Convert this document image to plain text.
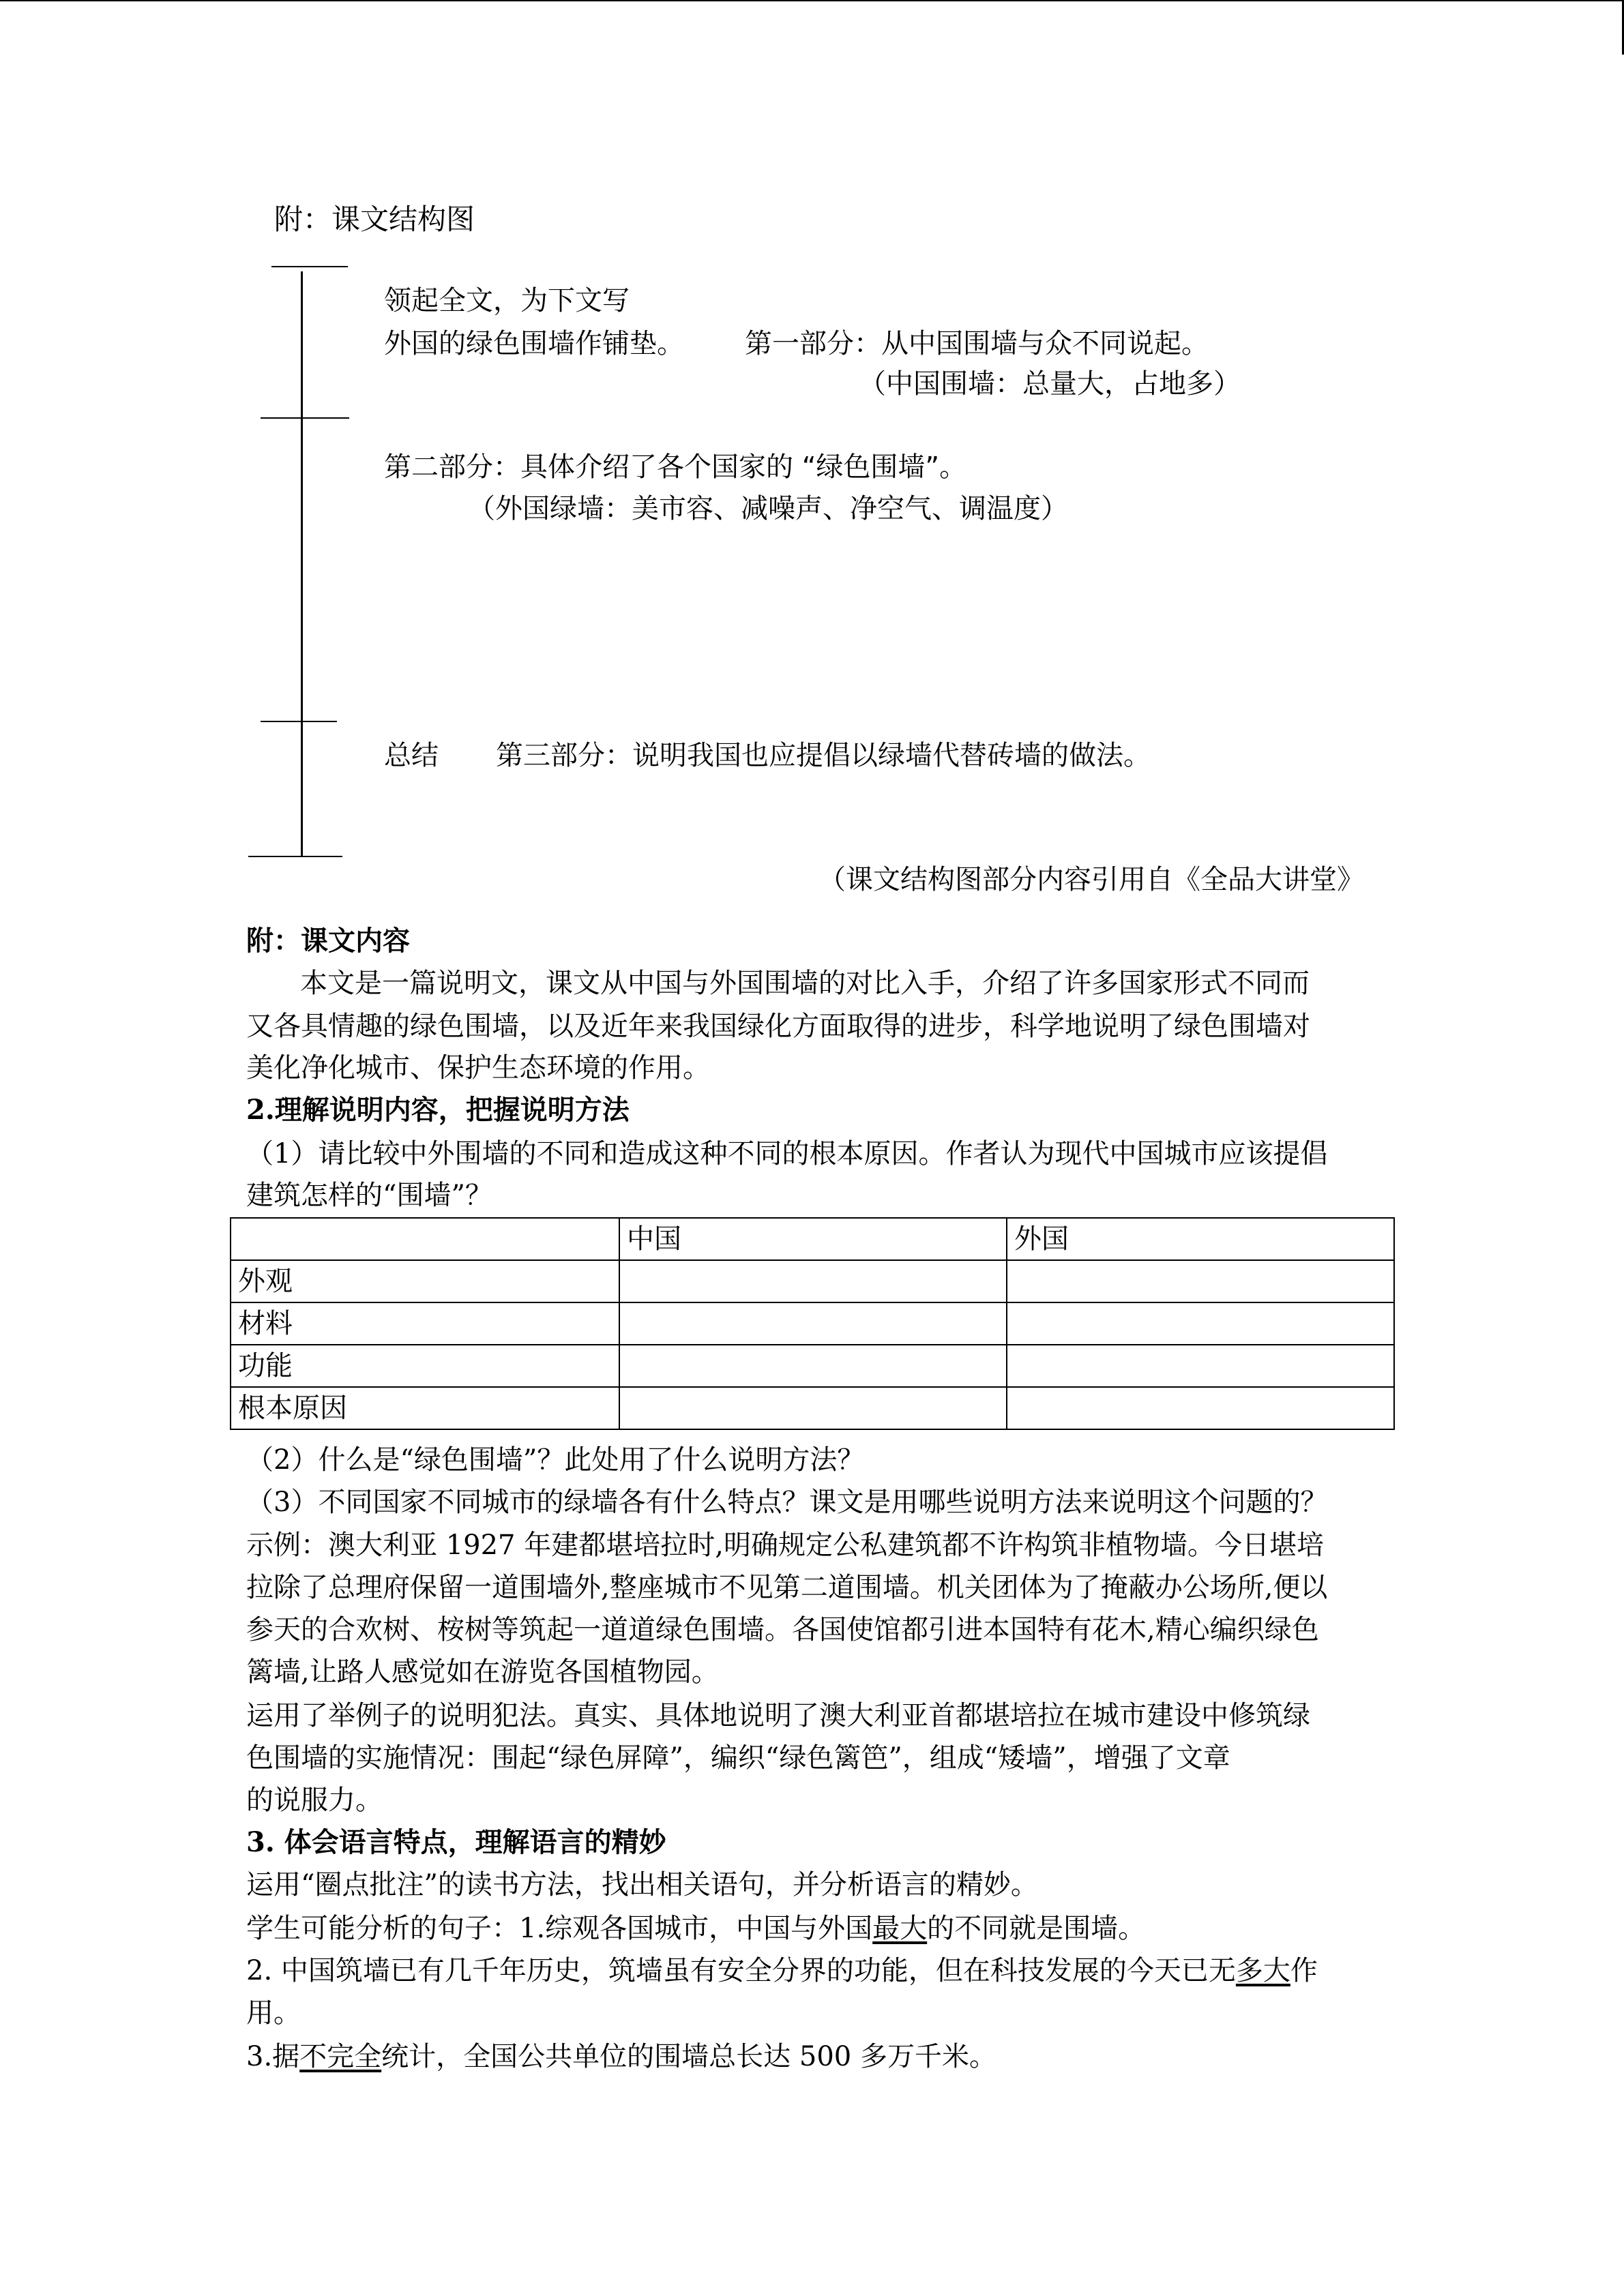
附：课文结构图
领起全文，为下文写
外国的绿色围墙作铺垫。 第一部分：从中国围墙与众不同说起。
（中国围墙：总量大，占地多）
第二部分：具体介绍了各个国家的 “绿色围墙”。
（外国绿墙：美市容、减噪声、净空气、调温度）
总结 第三部分：说明我国也应提倡以绿墙代替砖墙的做法。
（课文结构图部分内容引用自《全品大讲堂》
附：课文内容
本文是一篇说明文，课文从中国与外国围墙的对比入手，介绍了许多国家形式不同而
又各具情趣的绿色围墙，以及近年来我国绿化方面取得的进步，科学地说明了绿色围墙对
美化净化城市、保护生态环境的作用。
2.理解说明内容，把握说明方法
（1）请比较中外围墙的不同和造成这种不同的根本原因。作者认为现代中国城市应该提倡
建筑怎样的“围墙”？
	中国	外国
外观		
材料		
功能		
根本原因		
（2）什么是“绿色围墙”？此处用了什么说明方法？
（3）不同国家不同城市的绿墙各有什么特点？课文是用哪些说明方法来说明这个问题的？
示例：澳大利亚 1927 年建都堪培拉时,明确规定公私建筑都不许构筑非植物墙。今日堪培
拉除了总理府保留一道围墙外,整座城市不见第二道围墙。机关团体为了掩蔽办公场所,便以
参天的合欢树、桉树等筑起一道道绿色围墙。各国使馆都引进本国特有花木,精心编织绿色
篱墙,让路人感觉如在游览各国植物园。
运用了举例子的说明犯法。真实、具体地说明了澳大利亚首都堪培拉在城市建设中修筑绿
色围墙的实施情况：围起“绿色屏障”，编织“绿色篱笆”，组成“矮墙”，增强了文章
的说服力。
3. 体会语言特点，理解语言的精妙
运用“圈点批注”的读书方法，找出相关语句，并分析语言的精妙。
学生可能分析的句子：1.综观各国城市，中国与外国最大的不同就是围墙。
2. 中国筑墙已有几千年历史，筑墙虽有安全分界的功能，但在科技发展的今天已无多大作
用。
3.据不完全统计，全国公共单位的围墙总长达 500 多万千米。
